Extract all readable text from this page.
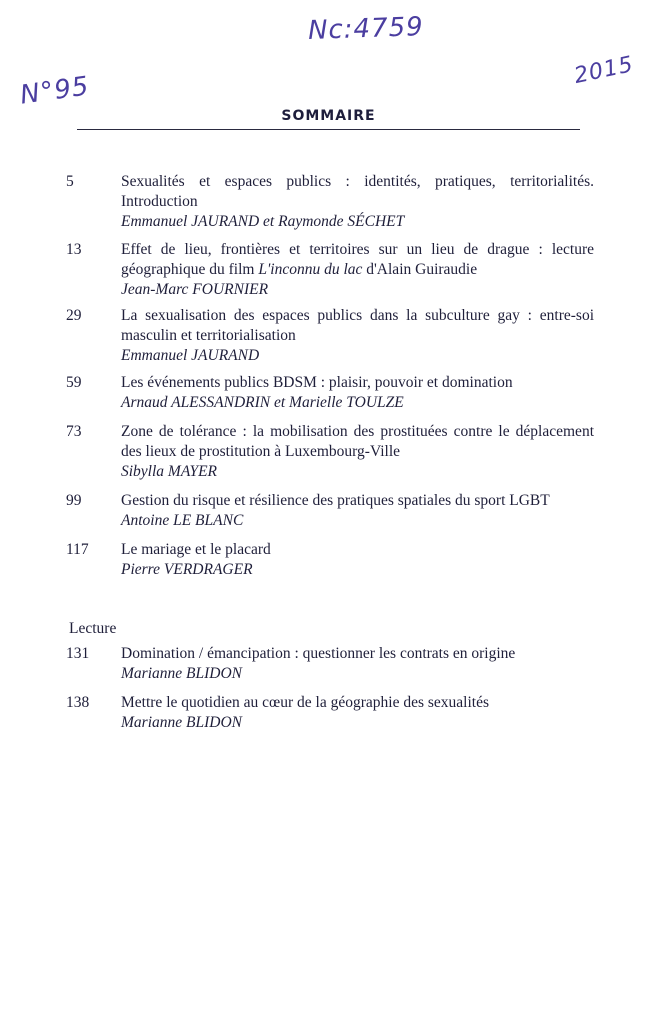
Nc:4759
N°95
2015
SOMMAIRE
5	Sexualités et espaces publics : identités, pratiques, territorialités. Introduction
Emmanuel JAURAND et Raymonde SÉCHET
13	Effet de lieu, frontières et territoires sur un lieu de drague : lecture géographique du film L'inconnu du lac d'Alain Guiraudie
Jean-Marc FOURNIER
29	La sexualisation des espaces publics dans la subculture gay : entre-soi masculin et territorialisation
Emmanuel JAURAND
59	Les événements publics BDSM : plaisir, pouvoir et domination
Arnaud ALESSANDRIN et Marielle TOULZE
73	Zone de tolérance : la mobilisation des prostituées contre le déplacement des lieux de prostitution à Luxembourg-Ville
Sibylla MAYER
99	Gestion du risque et résilience des pratiques spatiales du sport LGBT
Antoine LE BLANC
117 Le mariage et le placard
Pierre VERDRAGER
Lecture
131 Domination / émancipation : questionner les contrats en origine
Marianne BLIDON
138 Mettre le quotidien au cœur de la géographie des sexualités
Marianne BLIDON
